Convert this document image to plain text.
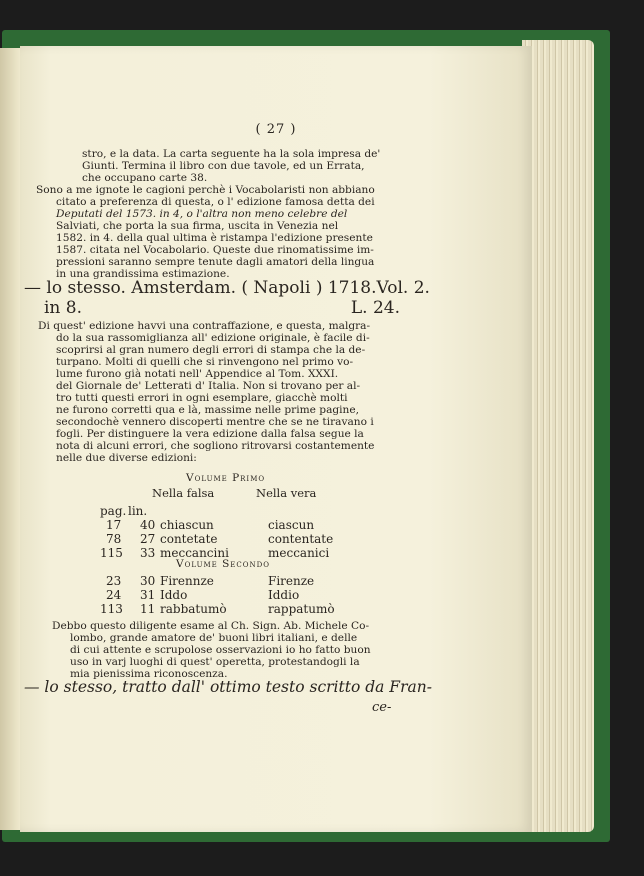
( 27 )
stro, e la data. La carta seguente ha la sola impresa de'
Giunti. Termina il libro con due tavole, ed un Errata,
che occupano carte 38.
Sono a me ignote le cagioni perchè i Vocabolaristi non abbiano
citato a preferenza di questa, o l' edizione famosa detta dei
Deputati del 1573. in 4, o l'altra non meno celebre del
Salviati, che porta la sua firma, uscita in Venezia nel
1582. in 4. della qual ultima è ristampa l'edizione presente
1587. citata nel Vocabolario. Queste due rinomatissime im-
pressioni saranno sempre tenute dagli amatori della lingua
in una grandissima estimazione.
— lo stesso. Amsterdam. ( Napoli ) 1718. Vol. 2.
in 8.	L. 24.
Di quest' edizione havvi una contraffazione, e questa, malgra-
do la sua rassomiglianza all' edizione originale, è facile di-
scoprirsi al gran numero degli errori di stampa che la de-
turpano. Molti di quelli che si rinvengono nel primo vo-
lume furono già notati nell' Appendice al Tom. XXXI.
del Giornale de' Letterati d' Italia. Non si trovano per al-
tro tutti questi errori in ogni esemplare, giacchè molti
ne furono corretti qua e là, massime nelle prime pagine,
secondochè vennero discoperti mentre che se ne tiravano i
fogli. Per distinguere la vera edizione dalla falsa segue la
nota di alcuni errori, che sogliono ritrovarsi costantemente
nelle due diverse edizioni:
Volume Primo
Nella falsa	Nella vera
pag. lin.
17 40 chiascun	ciascun
78 27 contetate	contentate
115 33 meccancini	meccanici
Volume Secondo
23 30 Firennze	Firenze
24 31 Iddo	Iddio
113 11 rabbatumò	rappatumò
Debbo questo diligente esame al Ch. Sign. Ab. Michele Co-
lombo, grande amatore de' buoni libri italiani, e delle
di cui attente e scrupolose osservazioni io ho fatto buon
uso in varj luoghi di quest' operetta, protestandogli la
mia pienissima riconoscenza.
— lo stesso, tratto dall' ottimo testo scritto da Fran-
ce-
